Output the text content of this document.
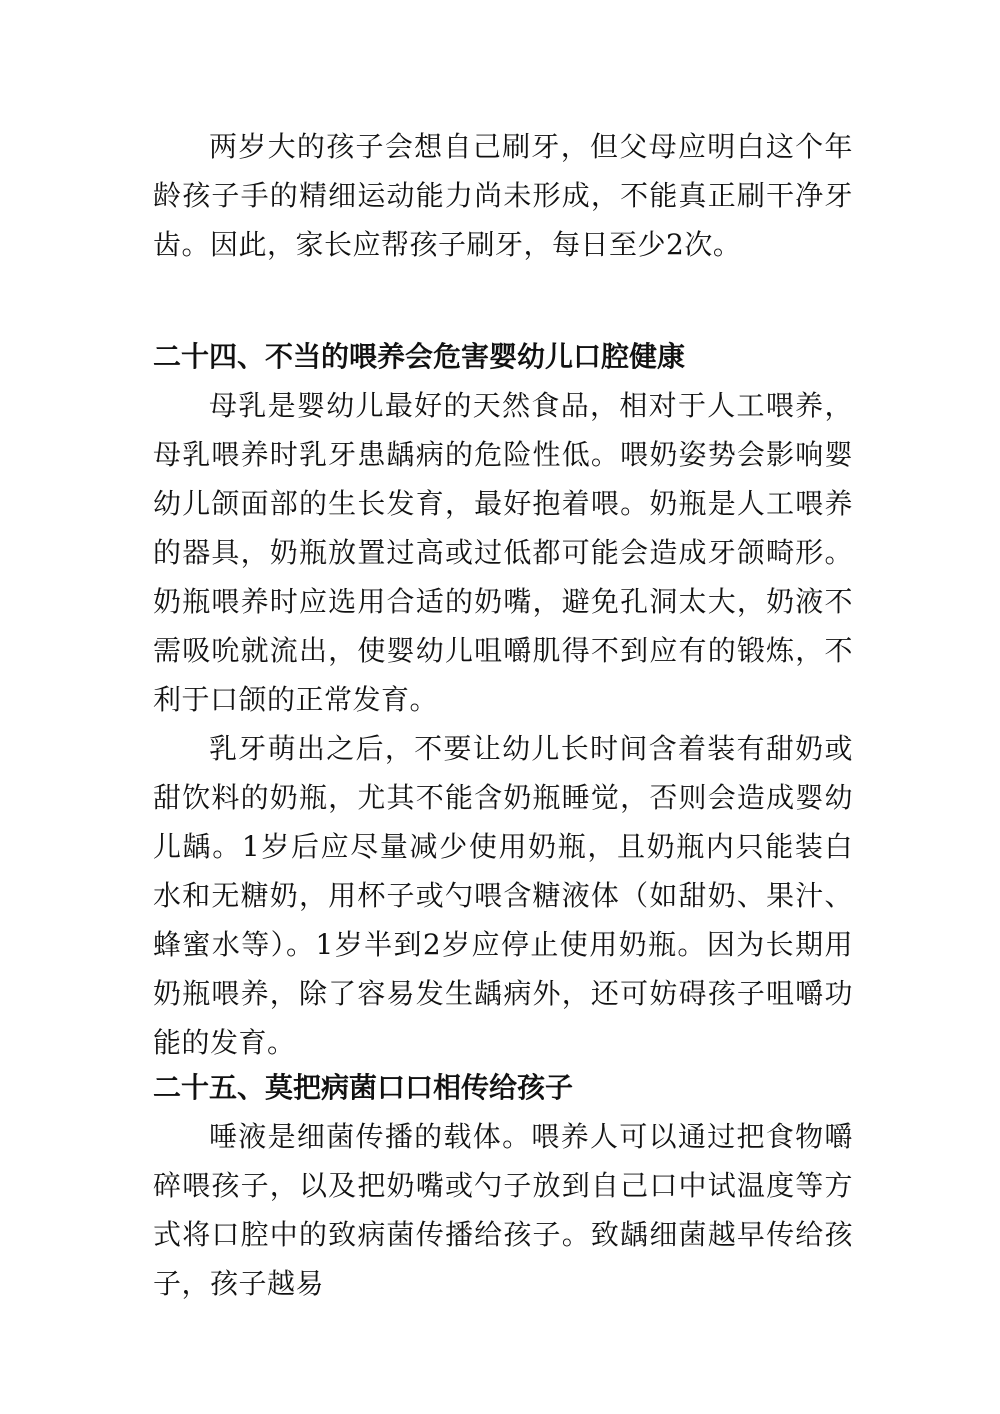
两岁大的孩子会想自己刷牙，但父母应明白这个年龄孩子手的精细运动能力尚未形成，不能真正刷干净牙齿。因此，家长应帮孩子刷牙，每日至少2次。

二十四、不当的喂养会危害婴幼儿口腔健康

母乳是婴幼儿最好的天然食品，相对于人工喂养，母乳喂养时乳牙患龋病的危险性低。喂奶姿势会影响婴幼儿颌面部的生长发育，最好抱着喂。奶瓶是人工喂养的器具，奶瓶放置过高或过低都可能会造成牙颌畸形。奶瓶喂养时应选用合适的奶嘴，避免孔洞太大，奶液不需吸吮就流出，使婴幼儿咀嚼肌得不到应有的锻炼，不利于口颌的正常发育。

乳牙萌出之后，不要让幼儿长时间含着装有甜奶或甜饮料的奶瓶，尤其不能含奶瓶睡觉，否则会造成婴幼儿龋。1岁后应尽量减少使用奶瓶，且奶瓶内只能装白水和无糖奶，用杯子或勺喂含糖液体（如甜奶、果汁、蜂蜜水等）。1岁半到2岁应停止使用奶瓶。因为长期用奶瓶喂养，除了容易发生龋病外，还可妨碍孩子咀嚼功能的发育。

二十五、莫把病菌口口相传给孩子

唾液是细菌传播的载体。喂养人可以通过把食物嚼碎喂孩子，以及把奶嘴或勺子放到自己口中试温度等方式将口腔中的致病菌传播给孩子。致龋细菌越早传给孩子，孩子越易
